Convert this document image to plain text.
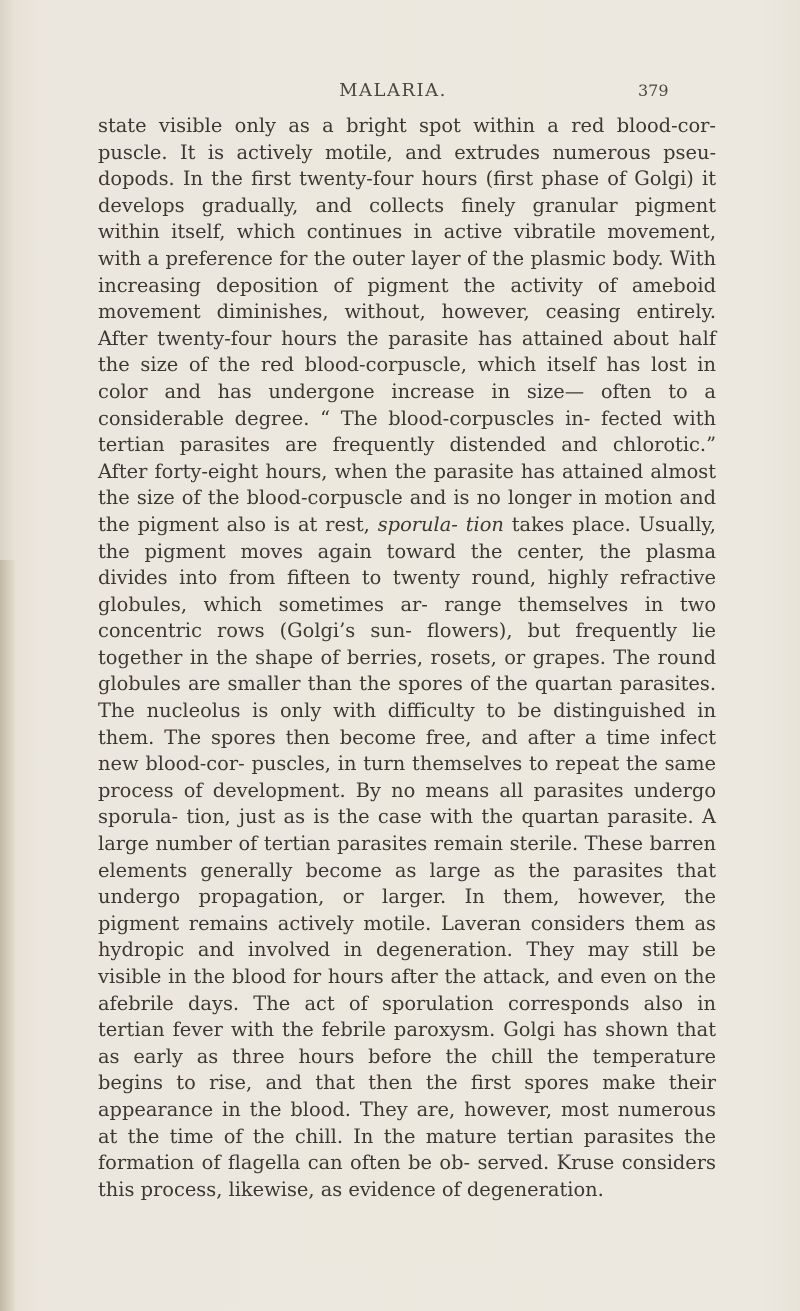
MALARIA.	379

state visible only as a bright spot within a red blood-cor- puscle. It is actively motile, and extrudes numerous pseu- dopods. In the first twenty-four hours (first phase of Golgi) it develops gradually, and collects finely granular pigment within itself, which continues in active vibratile movement, with a preference for the outer layer of the plasmic body. With increasing deposition of pigment the activity of ameboid movement diminishes, without, however, ceasing entirely. After twenty-four hours the parasite has attained about half the size of the red blood-corpuscle, which itself has lost in color and has undergone increase in size— often to a considerable degree. “ The blood-corpuscles in- fected with tertian parasites are frequently distended and chlorotic.” After forty-eight hours, when the parasite has attained almost the size of the blood-corpuscle and is no longer in motion and the pigment also is at rest, sporula- tion takes place. Usually, the pigment moves again toward the center, the plasma divides into from fifteen to twenty round, highly refractive globules, which sometimes ar- range themselves in two concentric rows (Golgi’s sun- flowers), but frequently lie together in the shape of berries, rosets, or grapes. The round globules are smaller than the spores of the quartan parasites. The nucleolus is only with difficulty to be distinguished in them. The spores then become free, and after a time infect new blood-cor- puscles, in turn themselves to repeat the same process of development. By no means all parasites undergo sporula- tion, just as is the case with the quartan parasite. A large number of tertian parasites remain sterile. These barren elements generally become as large as the parasites that undergo propagation, or larger. In them, however, the pigment remains actively motile. Laveran considers them as hydropic and involved in degeneration. They may still be visible in the blood for hours after the attack, and even on the afebrile days. The act of sporulation corresponds also in tertian fever with the febrile paroxysm. Golgi has shown that as early as three hours before the chill the temperature begins to rise, and that then the first spores make their appearance in the blood. They are, however, most numerous at the time of the chill. In the mature tertian parasites the formation of flagella can often be ob- served. Kruse considers this process, likewise, as evidence of degeneration.
